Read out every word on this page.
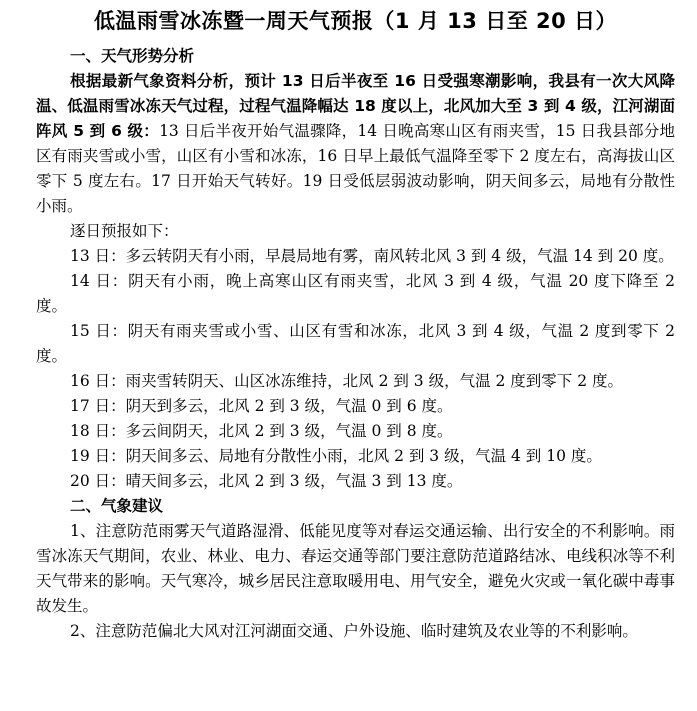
低温雨雪冰冻暨一周天气预报（1 月 13 日至 20 日）
一、天气形势分析
根据最新气象资料分析，预计 13 日后半夜至 16 日受强寒潮影响，我县有一次大风降温、低温雨雪冰冻天气过程，过程气温降幅达 18 度以上，北风加大至 3 到 4 级，江河湖面阵风 5 到 6 级：13 日后半夜开始气温骤降，14 日晚高寒山区有雨夹雪，15 日我县部分地区有雨夹雪或小雪，山区有小雪和冰冻，16 日早上最低气温降至零下 2 度左右，高海拔山区零下 5 度左右。17 日开始天气转好。19 日受低层弱波动影响，阴天间多云，局地有分散性小雨。
逐日预报如下：
13 日：多云转阴天有小雨，早晨局地有雾，南风转北风 3 到 4 级，气温 14 到 20 度。
14 日：阴天有小雨，晚上高寒山区有雨夹雪，北风 3 到 4 级，气温 20 度下降至 2 度。
15 日：阴天有雨夹雪或小雪、山区有雪和冰冻，北风 3 到 4 级，气温 2 度到零下 2 度。
16 日：雨夹雪转阴天、山区冰冻维持，北风 2 到 3 级，气温 2 度到零下 2 度。
17 日：阴天到多云，北风 2 到 3 级，气温 0 到 6 度。
18 日：多云间阴天，北风 2 到 3 级，气温 0 到 8 度。
19 日：阴天间多云、局地有分散性小雨，北风 2 到 3 级，气温 4 到 10 度。
20 日：晴天间多云，北风 2 到 3 级，气温 3 到 13 度。
二、气象建议
1、注意防范雨雾天气道路湿滑、低能见度等对春运交通运输、出行安全的不利影响。雨雪冰冻天气期间，农业、林业、电力、春运交通等部门要注意防范道路结冰、电线积冰等不利天气带来的影响。天气寒冷，城乡居民注意取暖用电、用气安全，避免火灾或一氧化碳中毒事故发生。
2、注意防范偏北大风对江河湖面交通、户外设施、临时建筑及农业等的不利影响。
